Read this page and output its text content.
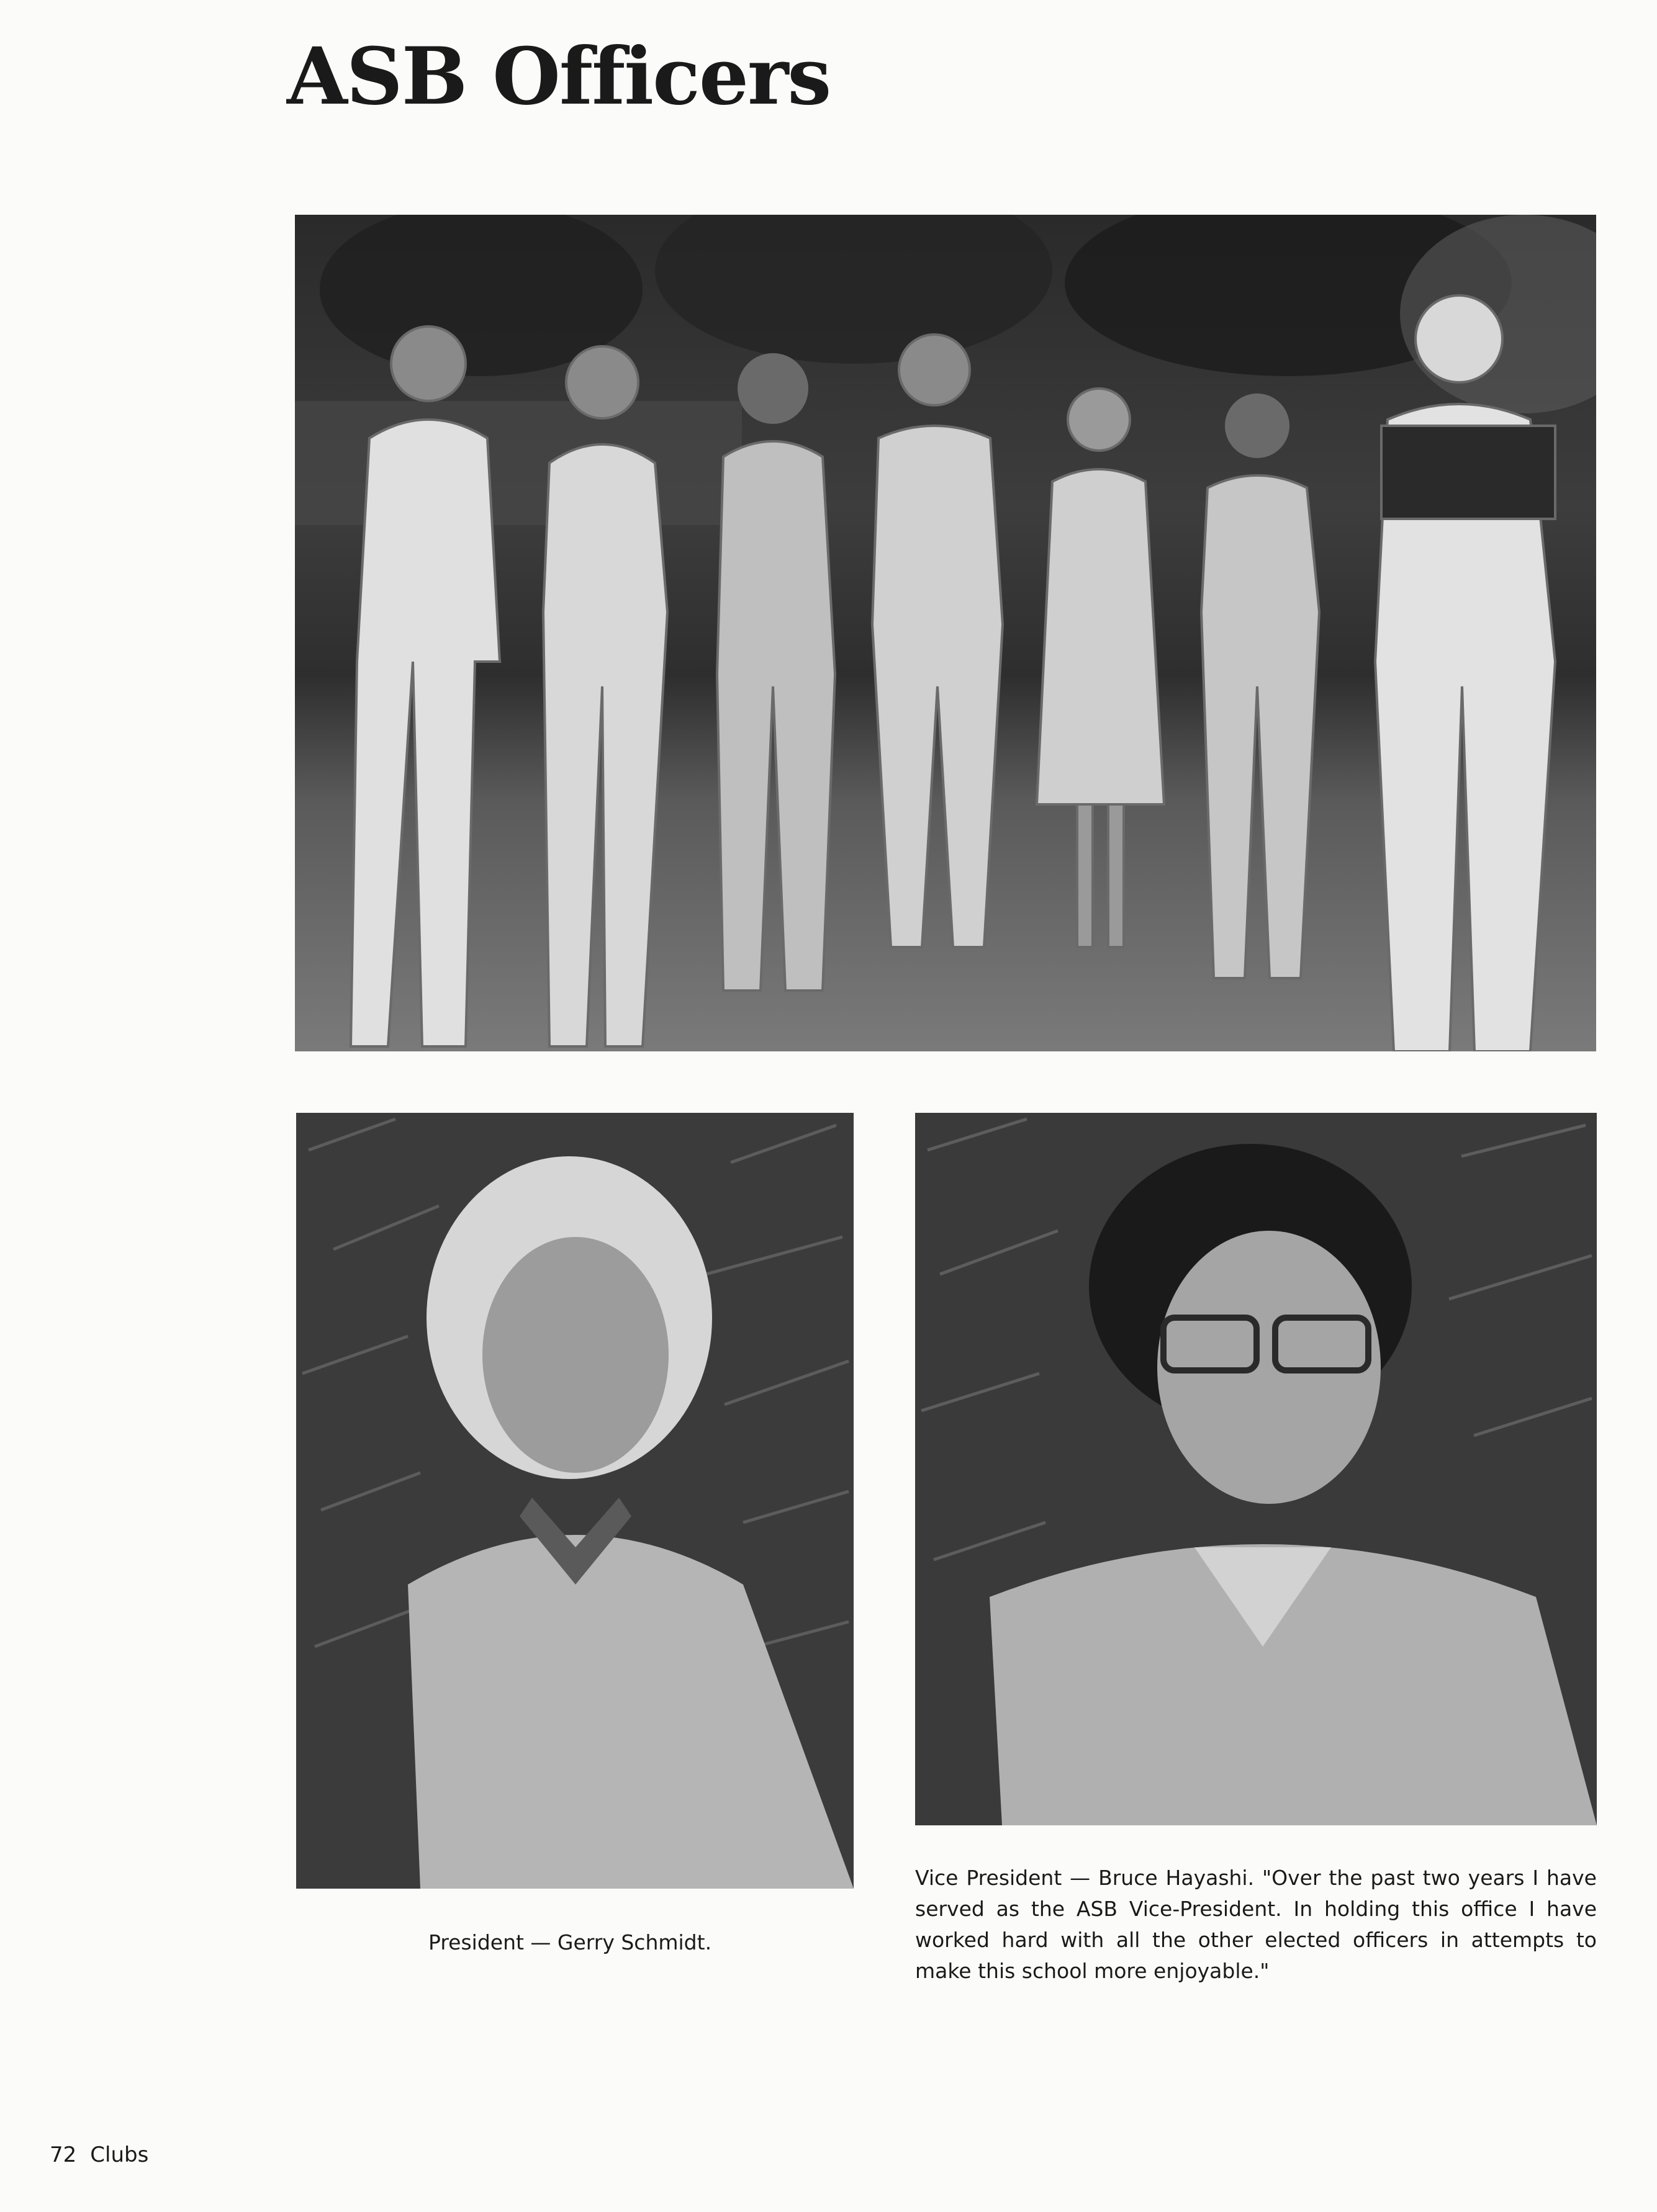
ASB Officers
President — Gerry Schmidt.
Vice President — Bruce Hayashi. "Over the past two years I have served as the ASB Vice-President. In holding this office I have worked hard with all the other elected officers in attempts to make this school more enjoyable."
72 Clubs
